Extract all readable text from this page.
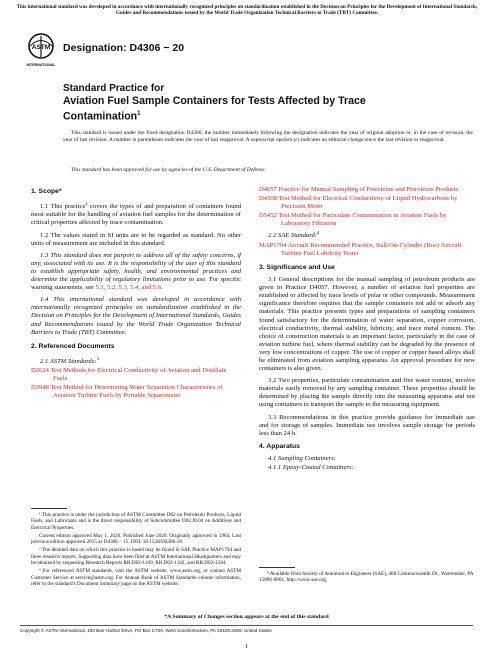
This international standard was developed in accordance with internationally recognized principles on standardization established in the Decision on Principles for the Development of International Standards, Guides and Recommendations issued by the World Trade Organization Technical Barriers to Trade (TBT) Committee.
ASTM
INTERNATIONAL
Designation: D4306 − 20
Standard Practice for
Aviation Fuel Sample Containers for Tests Affected by Trace Contamination$^1$
This standard is issued under the fixed designation D4306; the number immediately following the designation indicates the year of original adoption or, in the case of revision, the year of last revision. A number in parentheses indicates the year of last reapproval. A superscript epsilon (ε) indicates an editorial change since the last revision or reapproval.
This standard has been approved for use by agencies of the U.S. Department of Defense.
1. Scope*
1.1 This practice$^2$ covers the types of and preparation of containers found most suitable for the handling of aviation fuel samples for the determination of critical properties affected by trace contamination.
1.2 The values stated in SI units are to be regarded as standard. No other units of measurement are included in this standard.
1.3 This standard does not purport to address all of the safety concerns, if any, associated with its use. It is the responsibility of the user of this standard to establish appropriate safety, health, and environmental practices and determine the applicability of regulatory limitations prior to use. For specific warning statements, see 5.1, 5.2, 5.3, 5.4, and 5.6.
1.4 This international standard was developed in accordance with internationally recognized principles on standardization established in the Decision on Principles for the Development of International Standards, Guides and Recommendations issued by the World Trade Organization Technical Barriers to Trade (TBT) Committee.
2. Referenced Documents
2.1 ASTM Standards:$^3$
D2624 Test Methods for Electrical Conductivity of Aviation and Distillate Fuels
D3948 Test Method for Determining Water Separation Characteristics of Aviation Turbine Fuels by Portable Separometer
D4057 Practice for Manual Sampling of Petroleum and Petroleum Products
D4308 Test Method for Electrical Conductivity of Liquid Hydrocarbons by Precision Meter
D5452 Test Method for Particulate Contamination in Aviation Fuels by Laboratory Filtration
2.2 SAE Standard:$^4$
MAP1794 Aircraft Recommended Practice, Ball-On-Cylinder (Boc) Aircraft Turbine Fuel Lubricity Tester
3. Significance and Use
3.1 General descriptions for the manual sampling of petroleum products are given in Practice D4057. However, a number of aviation fuel properties are established or affected by trace levels of polar or other compounds. Measurement significance therefore requires that the sample containers not add or adsorb any materials. This practice presents types and preparations of sampling containers found satisfactory for the determination of water separation, copper corrosion, electrical conductivity, thermal stability, lubricity, and trace metal content. The choice of construction materials is an important factor, particularly in the case of aviation turbine fuel, where thermal stability can be degraded by the presence of very low concentrations of copper. The use of copper or copper based alloys shall be eliminated from aviation sampling apparatus. An approval procedure for new containers is also given.
3.2 Two properties, particulate contamination and free water content, involve materials easily removed by any sampling container. These properties should be determined by placing the sample directly into the measuring apparatus and not using containers to transport the sample to the measuring equipment.
3.3 Recommendations in this practice provide guidance for immediate use and for storage of samples. Immediate use involves sample storage for periods less than 24 h.
4. Apparatus
4.1 Sampling Containers:
4.1.1 Epoxy-Coated Containers:
¹ This practice is under the jurisdiction of ASTM Committee D02 on Petroleum Products, Liquid Fuels, and Lubricants and is the direct responsibility of Subcommittee D02.J0.04 on Additives and Electrical Properties.
Current edition approved May 1, 2020. Published June 2020. Originally approved in 1984. Last previous edition approved 2015 as D4306 – 15. DOI: 10.1520/D4306-20.
² The detailed data on which this practice is based may be found in SAE Practice MAP1794 and three research reports. Supporting data have been filed at ASTM International Headquarters and may be obtained by requesting Research Reports RR:D02-1169, RR:D02-1142, and RR:D02-1504.
³ For referenced ASTM standards, visit the ASTM website, www.astm.org, or contact ASTM Customer Service at service@astm.org. For Annual Book of ASTM Standards volume information, refer to the standard's Document Summary page on the ASTM website.
⁴ Available from Society of Automotive Engineers (SAE), 400 Commonwealth Dr., Warrendale, PA 15096-0001, http://www.sae.org.
*A Summary of Changes section appears at the end of this standard
Copyright © ASTM International, 100 Barr Harbor Drive, PO Box C700, West Conshohocken, PA 19428-2959. United States
1
